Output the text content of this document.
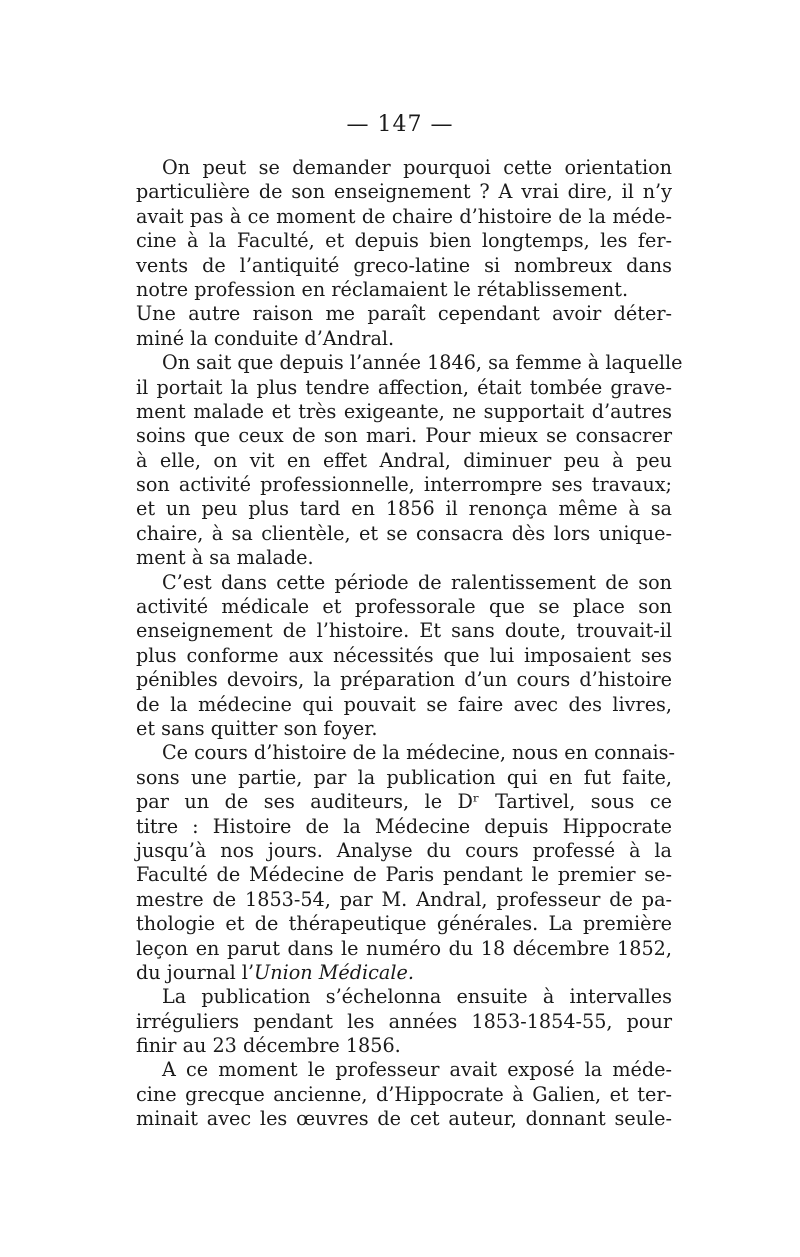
— 147 —
On peut se demander pourquoi cette orientation
particulière de son enseignement ? A vrai dire, il n’y
avait pas à ce moment de chaire d’histoire de la méde-
cine à la Faculté, et depuis bien longtemps, les fer-
vents de l’antiquité greco-latine si nombreux dans
notre profession en réclamaient le rétablissement.
Une autre raison me paraît cependant avoir déter-
miné la conduite d’Andral.
On sait que depuis l’année 1846, sa femme à laquelle
il portait la plus tendre affection, était tombée grave-
ment malade et très exigeante, ne supportait d’autres
soins que ceux de son mari. Pour mieux se consacrer
à elle, on vit en effet Andral, diminuer peu à peu
son activité professionnelle, interrompre ses travaux;
et un peu plus tard en 1856 il renonça même à sa
chaire, à sa clientèle, et se consacra dès lors unique-
ment à sa malade.
C’est dans cette période de ralentissement de son
activité médicale et professorale que se place son
enseignement de l’histoire. Et sans doute, trouvait-il
plus conforme aux nécessités que lui imposaient ses
pénibles devoirs, la préparation d’un cours d’histoire
de la médecine qui pouvait se faire avec des livres,
et sans quitter son foyer.
Ce cours d’histoire de la médecine, nous en connais-
sons une partie, par la publication qui en fut faite,
par un de ses auditeurs, le Dʳ Tartivel, sous ce
titre : Histoire de la Médecine depuis Hippocrate
jusqu’à nos jours. Analyse du cours professé à la
Faculté de Médecine de Paris pendant le premier se-
mestre de 1853-54, par M. Andral, professeur de pa-
thologie et de thérapeutique générales. La première
leçon en parut dans le numéro du 18 décembre 1852,
du journal l’Union Médicale.
La publication s’échelonna ensuite à intervalles
irréguliers pendant les années 1853-1854-55, pour
finir au 23 décembre 1856.
A ce moment le professeur avait exposé la méde-
cine grecque ancienne, d’Hippocrate à Galien, et ter-
minait avec les œuvres de cet auteur, donnant seule-
